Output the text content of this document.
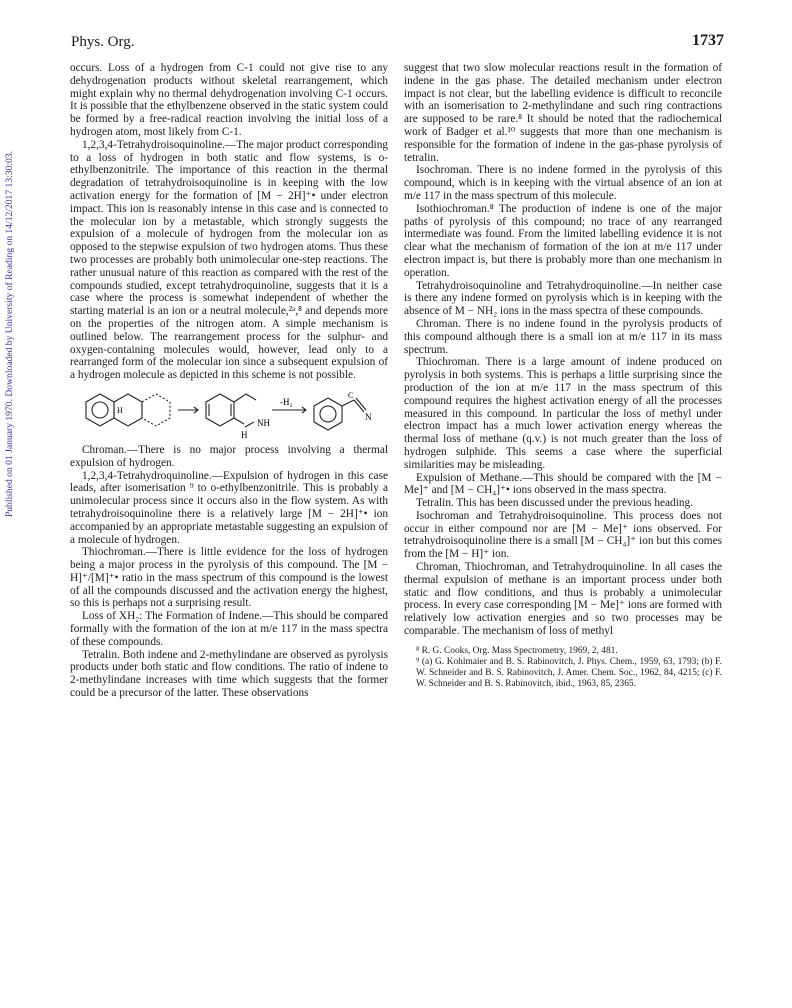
Phys. Org.	1737
Published on 01 January 1970. Downloaded by University of Reading on 14/12/2017 13:30:03.

occurs. Loss of a hydrogen from C-1 could not give rise to any dehydrogenation products without skeletal rearrangement, which might explain why no thermal dehydrogenation involving C-1 occurs. It is possible that the ethylbenzene observed in the static system could be formed by a free-radical reaction involving the initial loss of a hydrogen atom, most likely from C-1.

1,2,3,4-Tetrahydroisoquinoline.—The major product corresponding to a loss of hydrogen in both static and flow systems, is o-ethylbenzonitrile. The importance of this reaction in the thermal degradation of tetrahydroisoquinoline is in keeping with the low activation energy for the formation of [M − 2H]⁺• under electron impact. This ion is reasonably intense in this case and is connected to the molecular ion by a metastable, which strongly suggests the expulsion of a molecule of hydrogen from the molecular ion as opposed to the stepwise expulsion of two hydrogen atoms. Thus these two processes are probably both unimolecular one-step reactions. The rather unusual nature of this reaction as compared with the rest of the compounds studied, except tetrahydroquinoline, suggests that it is a case where the process is somewhat independent of whether the starting material is an ion or a neutral molecule,²ᵃ,⁸ and depends more on the properties of the nitrogen atom. A simple mechanism is outlined below. The rearrangement process for the sulphur- and oxygen-containing molecules would, however, lead only to a rearranged form of the molecular ion since a subsequent expulsion of a hydrogen molecule as depicted in this scheme is not possible.

H
NH
H
-H₂
C
N

Chroman.—There is no major process involving a thermal expulsion of hydrogen.

1,2,3,4-Tetrahydroquinoline.—Expulsion of hydrogen in this case leads, after isomerisation ⁹ to o-ethylbenzonitrile. This is probably a unimolecular process since it occurs also in the flow system. As with tetrahydroisoquinoline there is a relatively large [M − 2H]⁺• ion accompanied by an appropriate metastable suggesting an expulsion of a molecule of hydrogen.

Thiochroman.—There is little evidence for the loss of hydrogen being a major process in the pyrolysis of this compound. The [M − H]⁺/[M]⁺• ratio in the mass spectrum of this compound is the lowest of all the compounds discussed and the activation energy the highest, so this is perhaps not a surprising result.

Loss of XH₂: The Formation of Indene.—This should be compared formally with the formation of the ion at m/e 117 in the mass spectra of these compounds.

Tetralin. Both indene and 2-methylindane are observed as pyrolysis products under both static and flow conditions. The ratio of indene to 2-methylindane increases with time which suggests that the former could be a precursor of the latter. These observations

suggest that two slow molecular reactions result in the formation of indene in the gas phase. The detailed mechanism under electron impact is not clear, but the labelling evidence is difficult to reconcile with an isomerisation to 2-methylindane and such ring contractions are supposed to be rare.⁸ It should be noted that the radiochemical work of Badger et al.¹⁰ suggests that more than one mechanism is responsible for the formation of indene in the gas-phase pyrolysis of tetralin.

Isochroman. There is no indene formed in the pyrolysis of this compound, which is in keeping with the virtual absence of an ion at m/e 117 in the mass spectrum of this molecule.

Isothiochroman.⁸ The production of indene is one of the major paths of pyrolysis of this compound; no trace of any rearranged intermediate was found. From the limited labelling evidence it is not clear what the mechanism of formation of the ion at m/e 117 under electron impact is, but there is probably more than one mechanism in operation.

Tetrahydroisoquinoline and Tetrahydroquinoline.—In neither case is there any indene formed on pyrolysis which is in keeping with the absence of M − NH₂ ions in the mass spectra of these compounds.

Chroman. There is no indene found in the pyrolysis products of this compound although there is a small ion at m/e 117 in its mass spectrum.

Thiochroman. There is a large amount of indene produced on pyrolysis in both systems. This is perhaps a little surprising since the production of the ion at m/e 117 in the mass spectrum of this compound requires the highest activation energy of all the processes measured in this compound. In particular the loss of methyl under electron impact has a much lower activation energy whereas the thermal loss of methane (q.v.) is not much greater than the loss of hydrogen sulphide. This seems a case where the superficial similarities may be misleading.

Expulsion of Methane.—This should be compared with the [M − Me]⁺ and [M − CH₄]⁺• ions observed in the mass spectra.

Tetralin. This has been discussed under the previous heading.

Isochroman and Tetrahydroisoquinoline. This process does not occur in either compound nor are [M − Me]⁺ ions observed. For tetrahydroisoquinoline there is a small [M − CH₄]⁺ ion but this comes from the [M − H]⁺ ion.

Chroman, Thiochroman, and Tetrahydroquinoline. In all cases the thermal expulsion of methane is an important process under both static and flow conditions, and thus is probably a unimolecular process. In every case corresponding [M − Me]⁺ ions are formed with relatively low activation energies and so two processes may be comparable. The mechanism of loss of methyl

⁸ R. G. Cooks, Org. Mass Spectrometry, 1969, 2, 481.

⁹ (a) G. Kohlmaier and B. S. Rabinovitch, J. Phys. Chem., 1959, 63, 1793; (b) F. W. Schneider and B. S. Rabinovitch, J. Amer. Chem. Soc., 1962, 84, 4215; (c) F. W. Schneider and B. S. Rabinovitch, ibid., 1963, 85, 2365.
